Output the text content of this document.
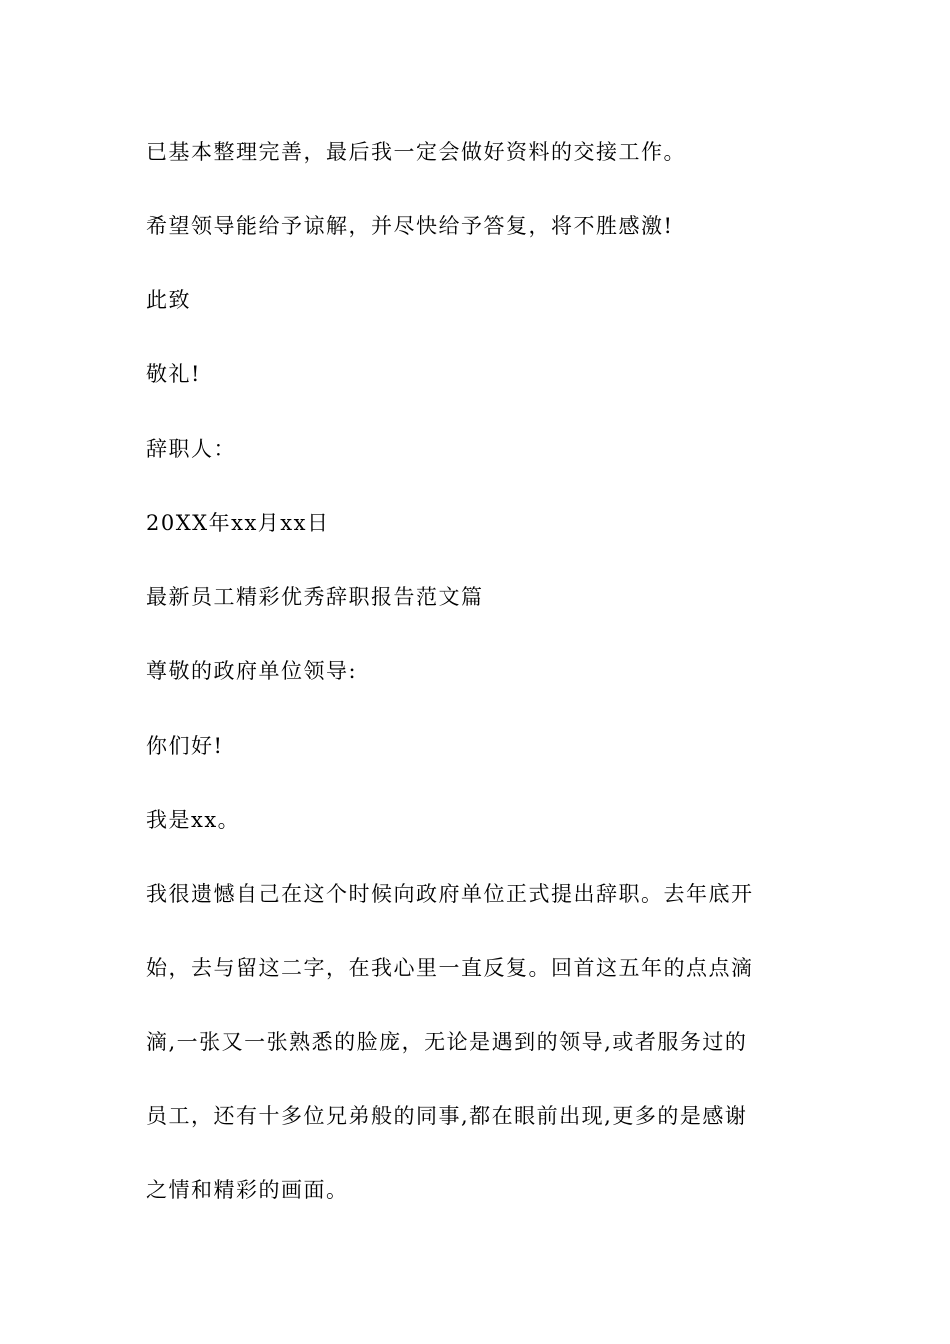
已基本整理完善，最后我一定会做好资料的交接工作。

希望领导能给予谅解，并尽快给予答复，将不胜感激!

此致

敬礼!

辞职人：

20XX年xx月xx日

最新员工精彩优秀辞职报告范文篇

尊敬的政府单位领导:

你们好!

我是xx。

我很遗憾自己在这个时候向政府单位正式提出辞职。去年底开
始，去与留这二字，在我心里一直反复。回首这五年的点点滴
滴,一张又一张熟悉的脸庞，无论是遇到的领导,或者服务过的
员工，还有十多位兄弟般的同事,都在眼前出现,更多的是感谢
之情和精彩的画面。
